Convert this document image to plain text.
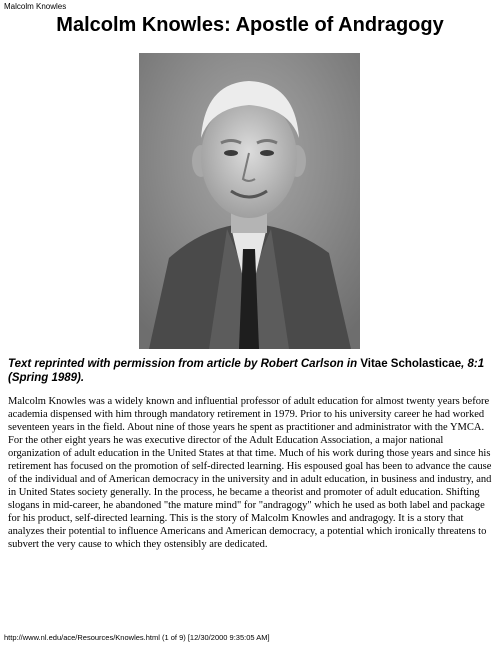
Malcolm Knowles
Malcolm Knowles: Apostle of Andragogy
Text reprinted with permission from article by Robert Carlson in Vitae Scholasticae, 8:1 (Spring 1989).

Malcolm Knowles was a widely known and influential professor of adult education for almost twenty years before academia dispensed with him through mandatory retirement in 1979. Prior to his university career he had worked seventeen years in the field. About nine of those years he spent as practitioner and administrator with the YMCA. For the other eight years he was executive director of the Adult Education Association, a major national organization of adult education in the United States at that time. Much of his work during those years and since his retirement has focused on the promotion of self-directed learning. His espoused goal has been to advance the cause of the individual and of American democracy in the university and in adult education, in business and industry, and in United States society generally. In the process, he became a theorist and promoter of adult education. Shifting slogans in mid-career, he abandoned "the mature mind" for "andragogy" which he used as both label and package for his product, self-directed learning. This is the story of Malcolm Knowles and andragogy. It is a story that analyzes their potential to influence Americans and American democracy, a potential which ironically threatens to subvert the very cause to which they ostensibly are dedicated.

http://www.nl.edu/ace/Resources/Knowles.html (1 of 9) [12/30/2000 9:35:05 AM]
